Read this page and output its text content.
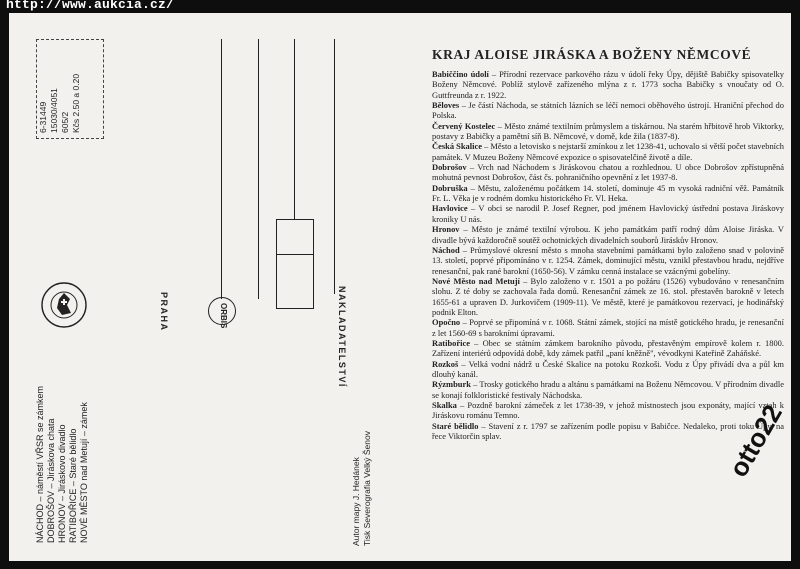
http://www.aukcia.cz/
6-31449 15030/4051 605/2 Kčs 2.50 a 0.20
NÁCHOD – náměstí VŘSR se zámkem DOBROŠOV – Jiráskova chata HRONOV – Jiráskovo divadlo RATIBOŘICE – Staré bělidlo NOVÉ MĚSTO nad Metují – zámek	Autor mapy J. Hedánek Tisk Severografia Velký Šenov
NAKLADATELSTVÍ
ORBIS
PRAHA
KRAJ ALOISE JIRÁSKA A BOŽENY NĚMCOVÉ

Babiččino údolí – Přírodní rezervace parkového rázu v údolí řeky Úpy, dějiště Babičky spisovatelky Boženy Němcové. Poblíž stylově zařízeného mlýna z r. 1773 socha Babičky s vnoučaty od O. Guttfreunda z r. 1922.

Běloves – Je částí Náchoda, se státních lázních se léčí nemoci oběhového ústrojí. Hraniční přechod do Polska.

Červený Kostelec – Město známé textilním průmyslem a tiskárnou. Na starém hřbitově hrob Viktorky, postavy z Babičky a pamětní síň B. Němcové, v domě, kde žila (1837-8).

Česká Skalice – Město a letovisko s nejstarší zmínkou z let 1238-41, uchovalo si větší počet stavebních památek. V Muzeu Boženy Němcové expozice o spisovatelčině životě a díle.

Dobrošov – Vrch nad Náchodem s Jiráskovou chatou a rozhlednou. U obce Dobrošov zpřístupněná mohutná pevnost Dobrošov, část čs. pohraničního opevnění z let 1937-8.

Dobruška – Městu, založenému počátkem 14. století, dominuje 45 m vysoká radniční věž. Památník Fr. L. Věka je v rodném domku historického Fr. Vl. Heka.

Havlovice – V obci se narodil P. Josef Regner, pod jménem Havlovický ústřední postava Jiráskovy kroniky U nás.

Hronov – Město je známé textilní výrobou. K jeho památkám patří rodný dům Aloise Jiráska. V divadle bývá každoročně soutěž ochotnických divadelních souborů Jiráskův Hronov.

Náchod – Průmyslové okresní město s mnoha stavebními památkami bylo založeno snad v polovině 13. století, poprvé připomínáno v r. 1254. Zámek, dominující městu, vznikl přestavbou hradu, nejdříve renesanční, pak rané barokní (1650-56). V zámku cenná instalace se vzácnými gobelíny.

Nové Město nad Metují – Bylo založeno v r. 1501 a po požáru (1526) vybudováno v renesančním slohu. Z té doby se zachovala řada domů. Renesanční zámek ze 16. stol. přestavěn barokně v letech 1655-61 a upraven D. Jurkovičem (1909-11). Ve městě, které je památkovou rezervací, je hodinářský podnik Elton.

Opočno – Poprvé se připomíná v r. 1068. Státní zámek, stojící na místě gotického hradu, je renesanční z let 1560-69 s barokními úpravami.

Ratibořice – Obec se státním zámkem barokního původu, přestavěným empírově kolem r. 1800. Zařízení interiérů odpovídá době, kdy zámek patřil „paní kněžně", vévodkyni Kateřině Zaháňské.

Rozkoš – Velká vodní nádrž u České Skalice na potoku Rozkoši. Vodu z Úpy přivádí dva a půl km dlouhý kanál.

Rýzmburk – Trosky gotického hradu a altánu s památkami na Boženu Němcovou. V přírodním divadle se konají folkloristické festivaly Náchodska.

Skalka – Pozdně barokní zámeček z let 1738-39, v jehož místnostech jsou exponáty, mající vztah k Jiráskovu románu Temno.

Staré bělidlo – Stavení z r. 1797 se zařízením podle popisu v Babičce. Nedaleko, proti toku Úpy, na řece Viktorčin splav.	otto22
